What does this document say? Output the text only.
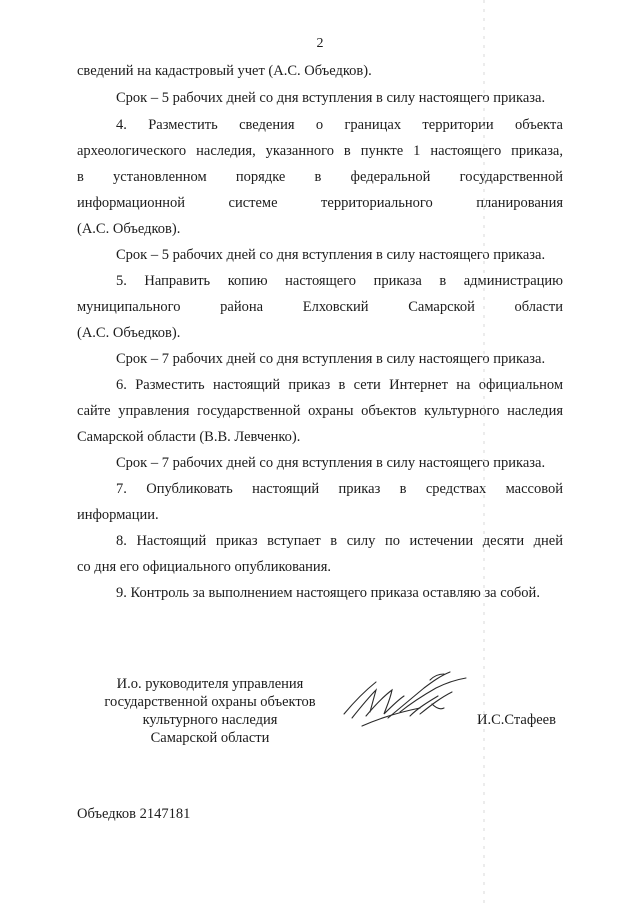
2
сведений на кадастровый учет (А.С. Объедков).
Срок – 5 рабочих дней со дня вступления в силу настоящего приказа.
4. Разместить сведения о границах территории объекта
археологического наследия, указанного в пункте 1 настоящего приказа,
в установленном порядке в федеральной государственной
информационной системе территориального планирования
(А.С. Объедков).
Срок – 5 рабочих дней со дня вступления в силу настоящего приказа.
5. Направить копию настоящего приказа в администрацию
муниципального района Елховский Самарской области
(А.С. Объедков).
Срок – 7 рабочих дней со дня вступления в силу настоящего приказа.
6. Разместить настоящий приказ в сети Интернет на официальном
сайте управления государственной охраны объектов культурного наследия
Самарской области (В.В. Левченко).
Срок – 7 рабочих дней со дня вступления в силу настоящего приказа.
7. Опубликовать настоящий приказ в средствах массовой
информации.
8. Настоящий приказ вступает в силу по истечении десяти дней
со дня его официального опубликования.
9. Контроль за выполнением настоящего приказа оставляю за собой.
И.о. руководителя управления
государственной охраны объектов
культурного наследия
Самарской области
И.С.Стафеев
Объедков 2147181
